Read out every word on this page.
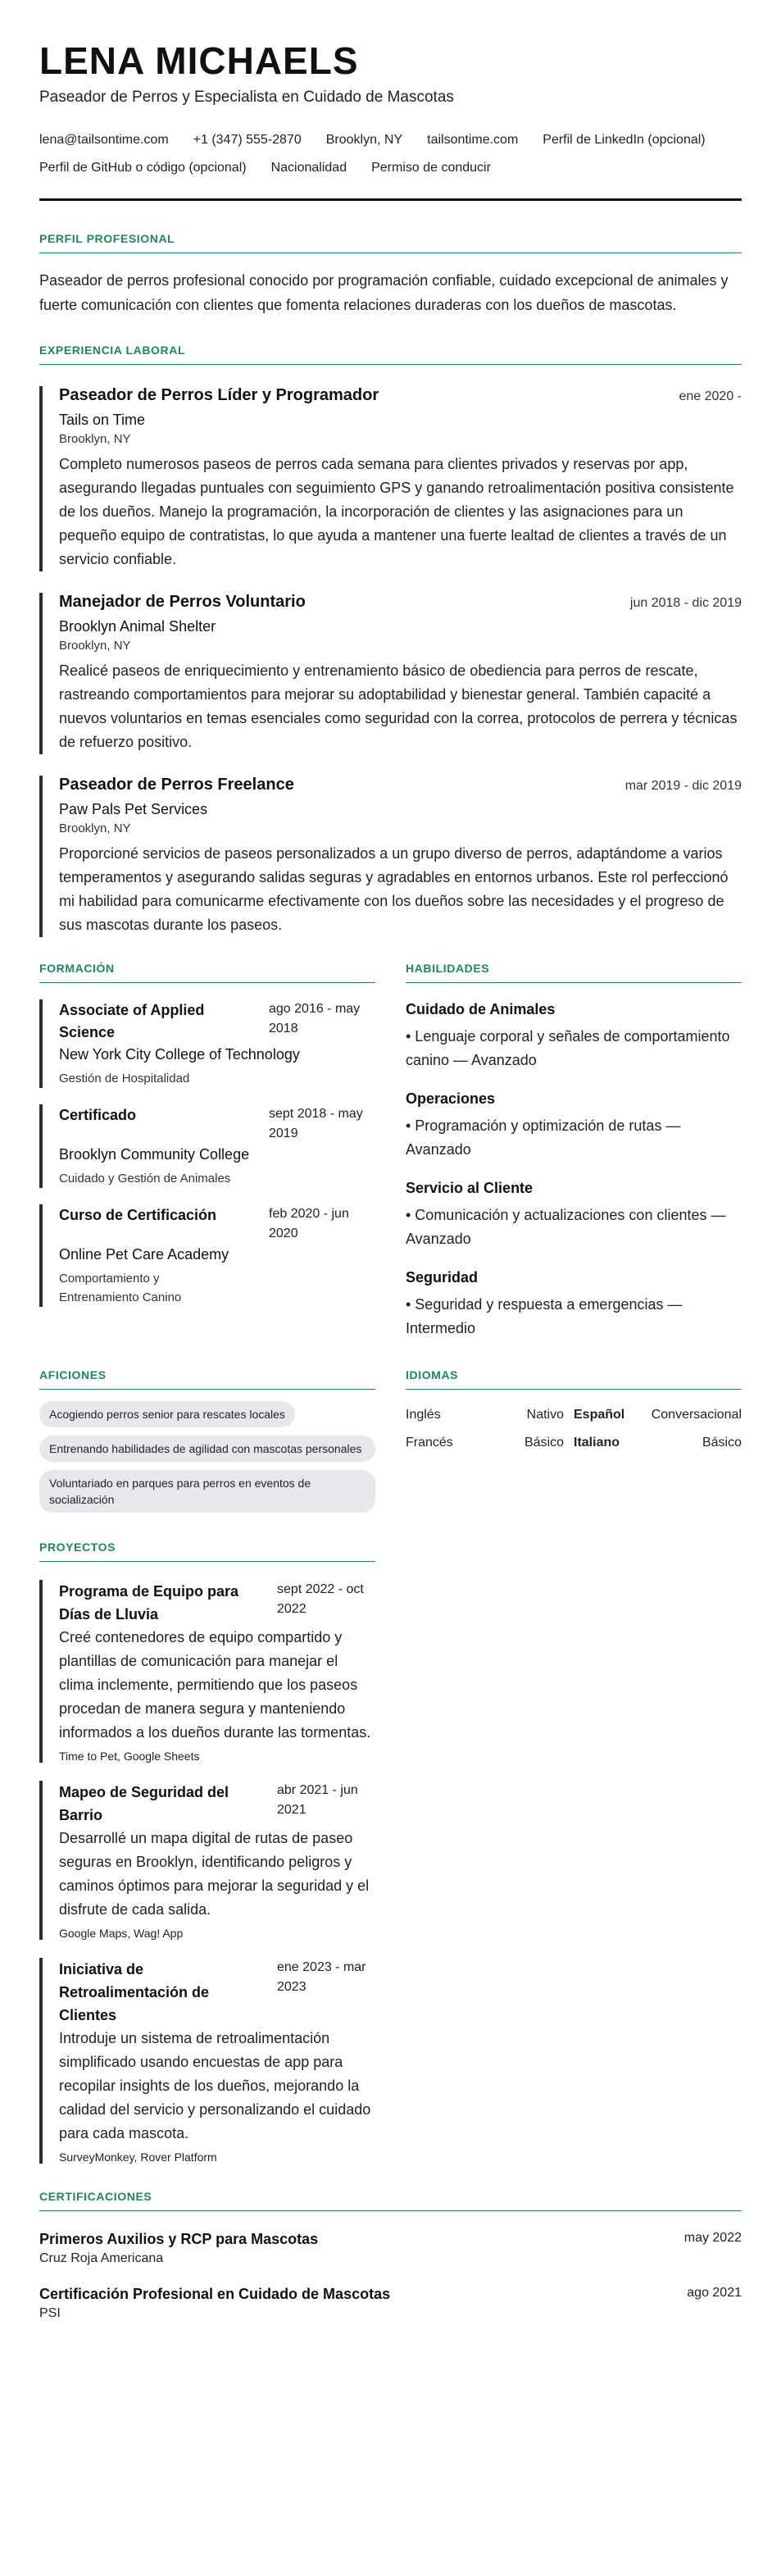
LENA MICHAELS
Paseador de Perros y Especialista en Cuidado de Mascotas
lena@tailsontime.com +1 (347) 555-2870 Brooklyn, NY tailsontime.com Perfil de LinkedIn (opcional)
Perfil de GitHub o código (opcional) Nacionalidad Permiso de conducir
PERFIL PROFESIONAL
Paseador de perros profesional conocido por programación confiable, cuidado excepcional de animales y fuerte comunicación con clientes que fomenta relaciones duraderas con los dueños de mascotas.
EXPERIENCIA LABORAL
Paseador de Perros Líder y Programador	ene 2020 -
Tails on Time
Brooklyn, NY
Completo numerosos paseos de perros cada semana para clientes privados y reservas por app, asegurando llegadas puntuales con seguimiento GPS y ganando retroalimentación positiva consistente de los dueños. Manejo la programación, la incorporación de clientes y las asignaciones para un pequeño equipo de contratistas, lo que ayuda a mantener una fuerte lealtad de clientes a través de un servicio confiable.
Manejador de Perros Voluntario	jun 2018 - dic 2019
Brooklyn Animal Shelter
Brooklyn, NY
Realicé paseos de enriquecimiento y entrenamiento básico de obediencia para perros de rescate, rastreando comportamientos para mejorar su adoptabilidad y bienestar general. También capacité a nuevos voluntarios en temas esenciales como seguridad con la correa, protocolos de perrera y técnicas de refuerzo positivo.
Paseador de Perros Freelance	mar 2019 - dic 2019
Paw Pals Pet Services
Brooklyn, NY
Proporcioné servicios de paseos personalizados a un grupo diverso de perros, adaptándome a varios temperamentos y asegurando salidas seguras y agradables en entornos urbanos. Este rol perfeccionó mi habilidad para comunicarme efectivamente con los dueños sobre las necesidades y el progreso de sus mascotas durante los paseos.
FORMACIÓN
Associate of Applied Science
ago 2016 - may 2018
New York City College of Technology
Gestión de Hospitalidad
Certificado	sept 2018 - may 2019
Brooklyn Community College
Cuidado y Gestión de Animales
Curso de Certificación	feb 2020 - jun 2020
Online Pet Care Academy
Comportamiento y Entrenamiento Canino
HABILIDADES
Cuidado de Animales
• Lenguaje corporal y señales de comportamiento canino — Avanzado
Operaciones
• Programación y optimización de rutas — Avanzado
Servicio al Cliente
• Comunicación y actualizaciones con clientes — Avanzado
Seguridad
• Seguridad y respuesta a emergencias — Intermedio
AFICIONES
Acogiendo perros senior para rescates locales
Entrenando habilidades de agilidad con mascotas personales
Voluntariado en parques para perros en eventos de socialización
IDIOMAS
Inglés	Nativo Español Conversacional
Francés	Básico Italiano	Básico
PROYECTOS
Programa de Equipo para Días de Lluvia
sept 2022 - oct 2022
Creé contenedores de equipo compartido y plantillas de comunicación para manejar el clima inclemente, permitiendo que los paseos procedan de manera segura y manteniendo informados a los dueños durante las tormentas.
Time to Pet, Google Sheets
Mapeo de Seguridad del Barrio
abr 2021 - jun 2021
Desarrollé un mapa digital de rutas de paseo seguras en Brooklyn, identificando peligros y caminos óptimos para mejorar la seguridad y el disfrute de cada salida.
Google Maps, Wag! App
Iniciativa de Retroalimentación de Clientes
ene 2023 - mar 2023
Introduje un sistema de retroalimentación simplificado usando encuestas de app para recopilar insights de los dueños, mejorando la calidad del servicio y personalizando el cuidado para cada mascota.
SurveyMonkey, Rover Platform
CERTIFICACIONES
Primeros Auxilios y RCP para Mascotas
Cruz Roja Americana
may 2022
Certificación Profesional en Cuidado de Mascotas
PSI
ago 2021
